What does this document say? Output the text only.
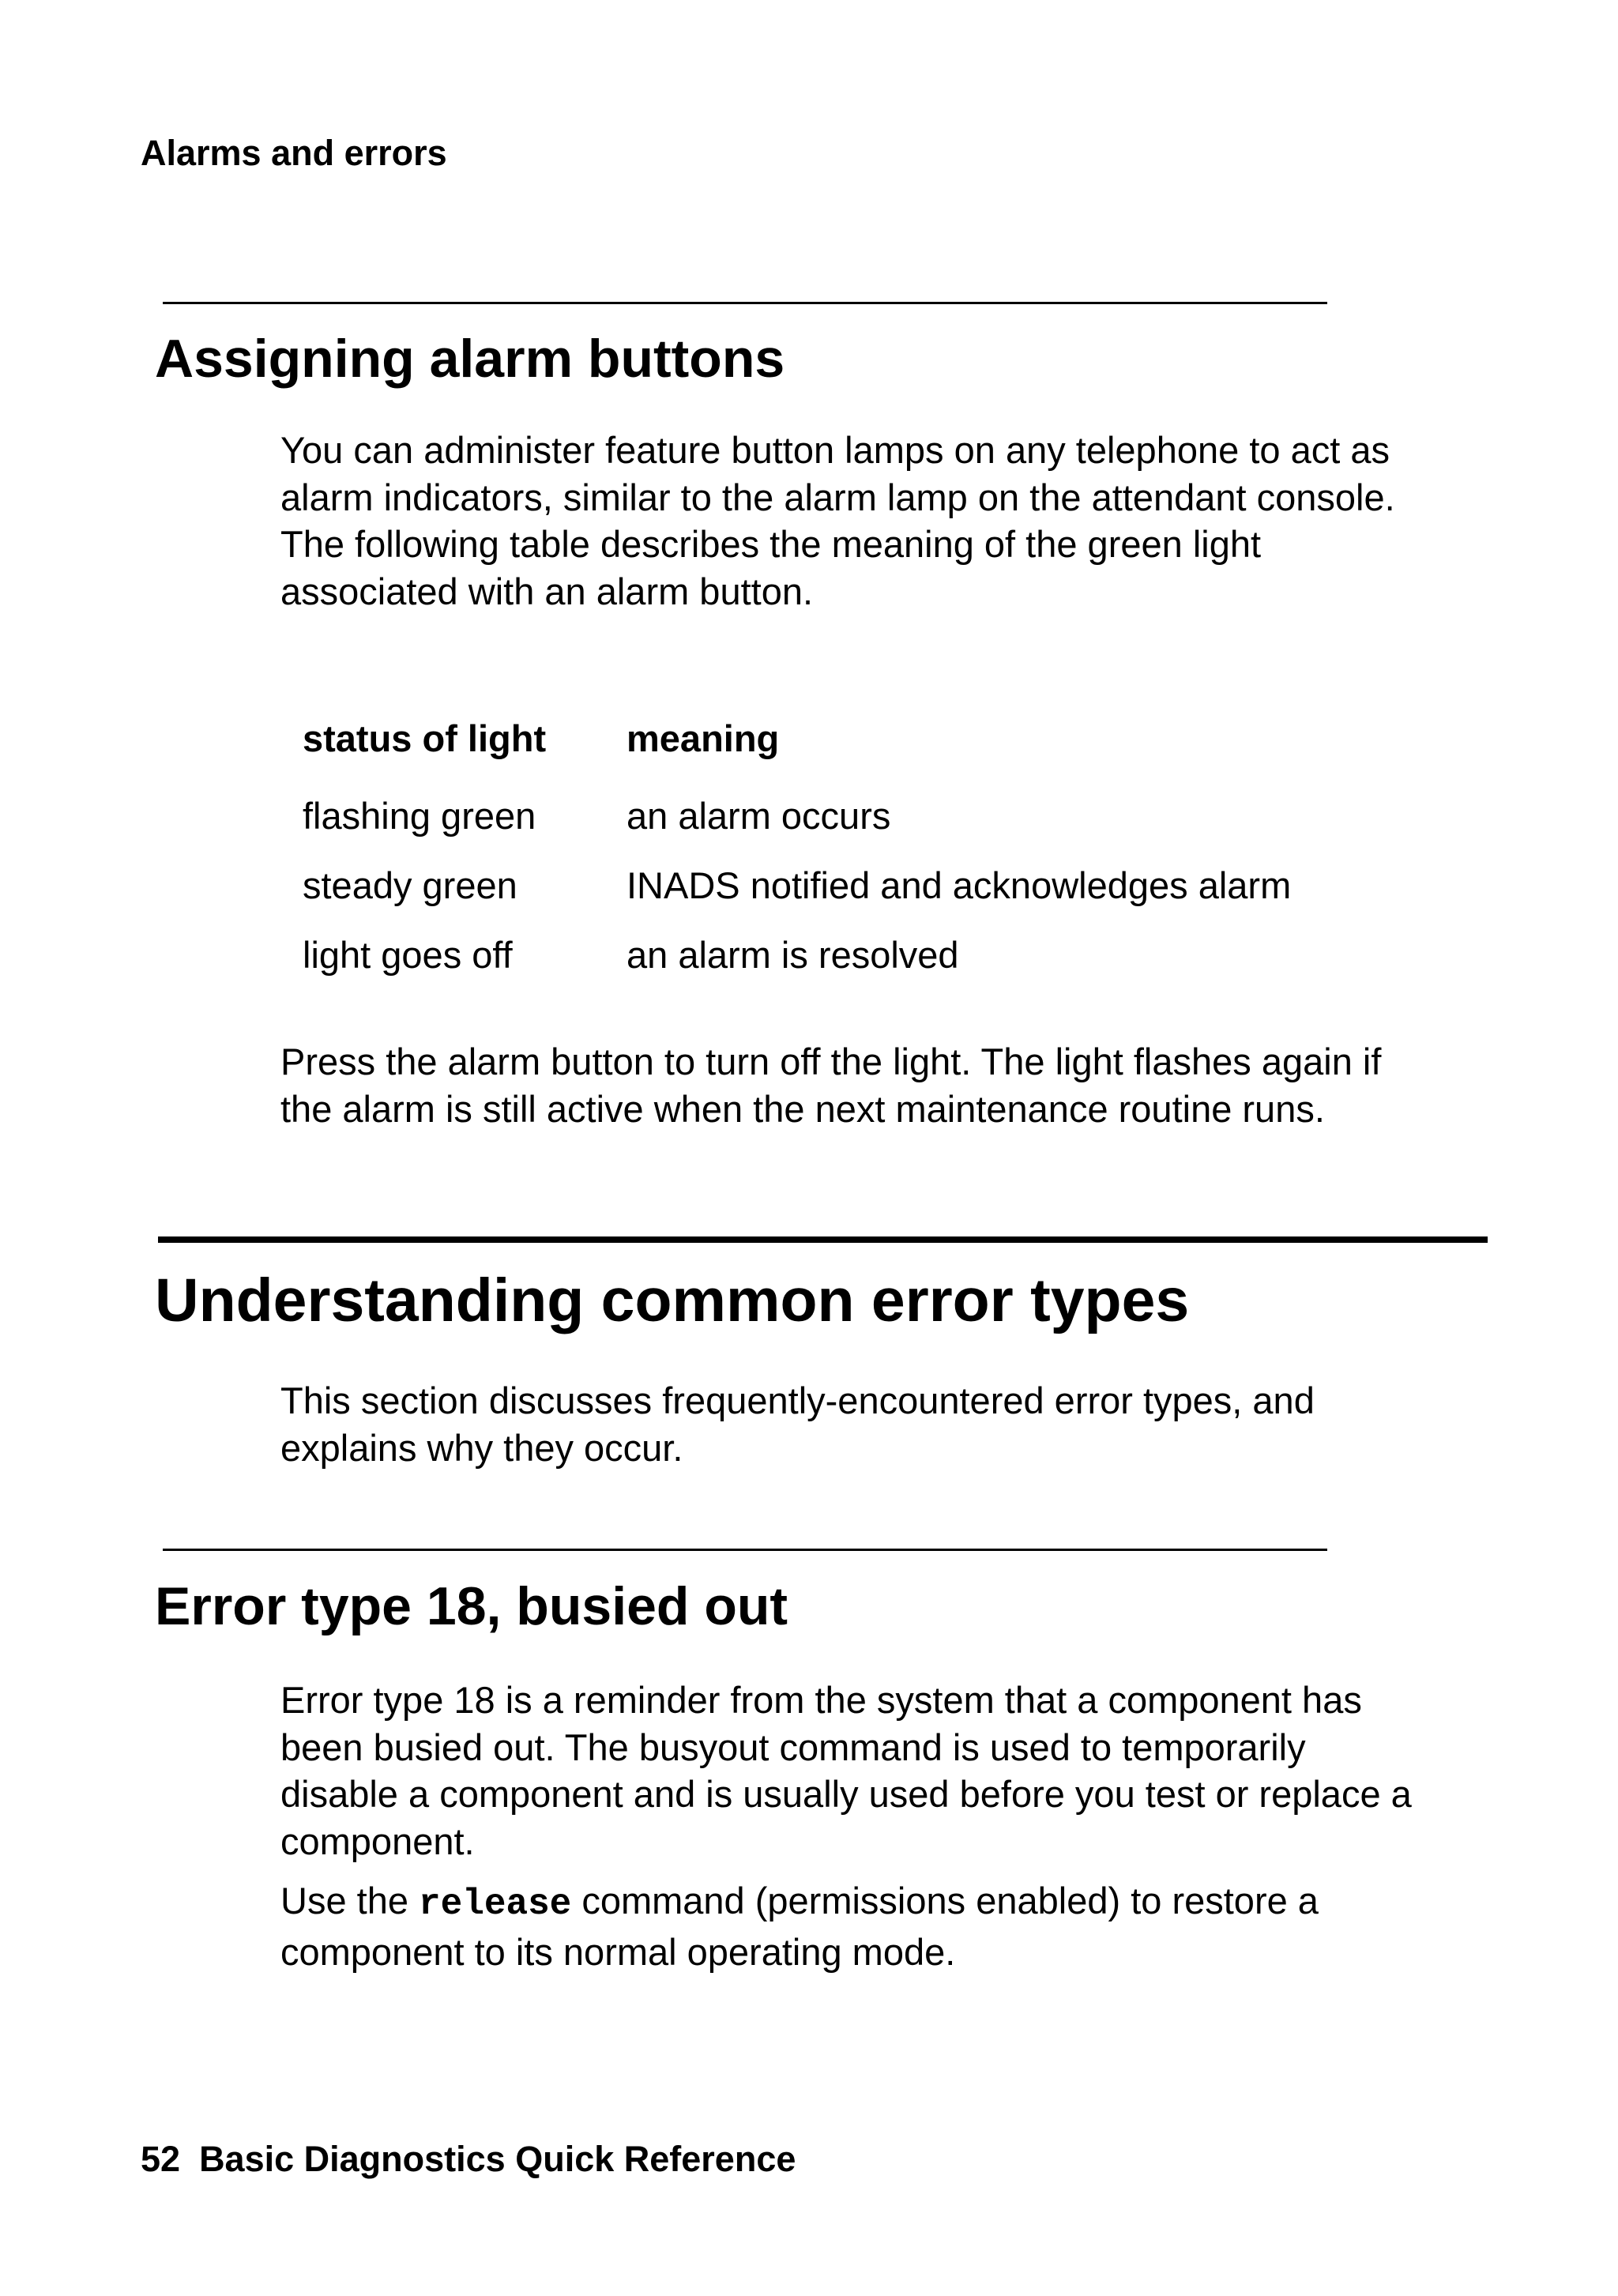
Alarms and errors
Assigning alarm buttons
You can administer feature button lamps on any telephone to act as
alarm indicators, similar to the alarm lamp on the attendant console.
The following table describes the meaning of the green light
associated with an alarm button.
status of light meaning
flashing green an alarm occurs
steady green	INADS notified and acknowledges alarm
light goes off	an alarm is resolved
Press the alarm button to turn off the light. The light flashes again if
the alarm is still active when the next maintenance routine runs.
Understanding common error types
This section discusses frequently-encountered error types, and
explains why they occur.
Error type 18, busied out
Error type 18 is a reminder from the system that a component has
been busied out. The busyout command is used to temporarily
disable a component and is usually used before you test or replace a
component.
Use the release command (permissions enabled) to restore a
component to its normal operating mode.
52 Basic Diagnostics Quick Reference
